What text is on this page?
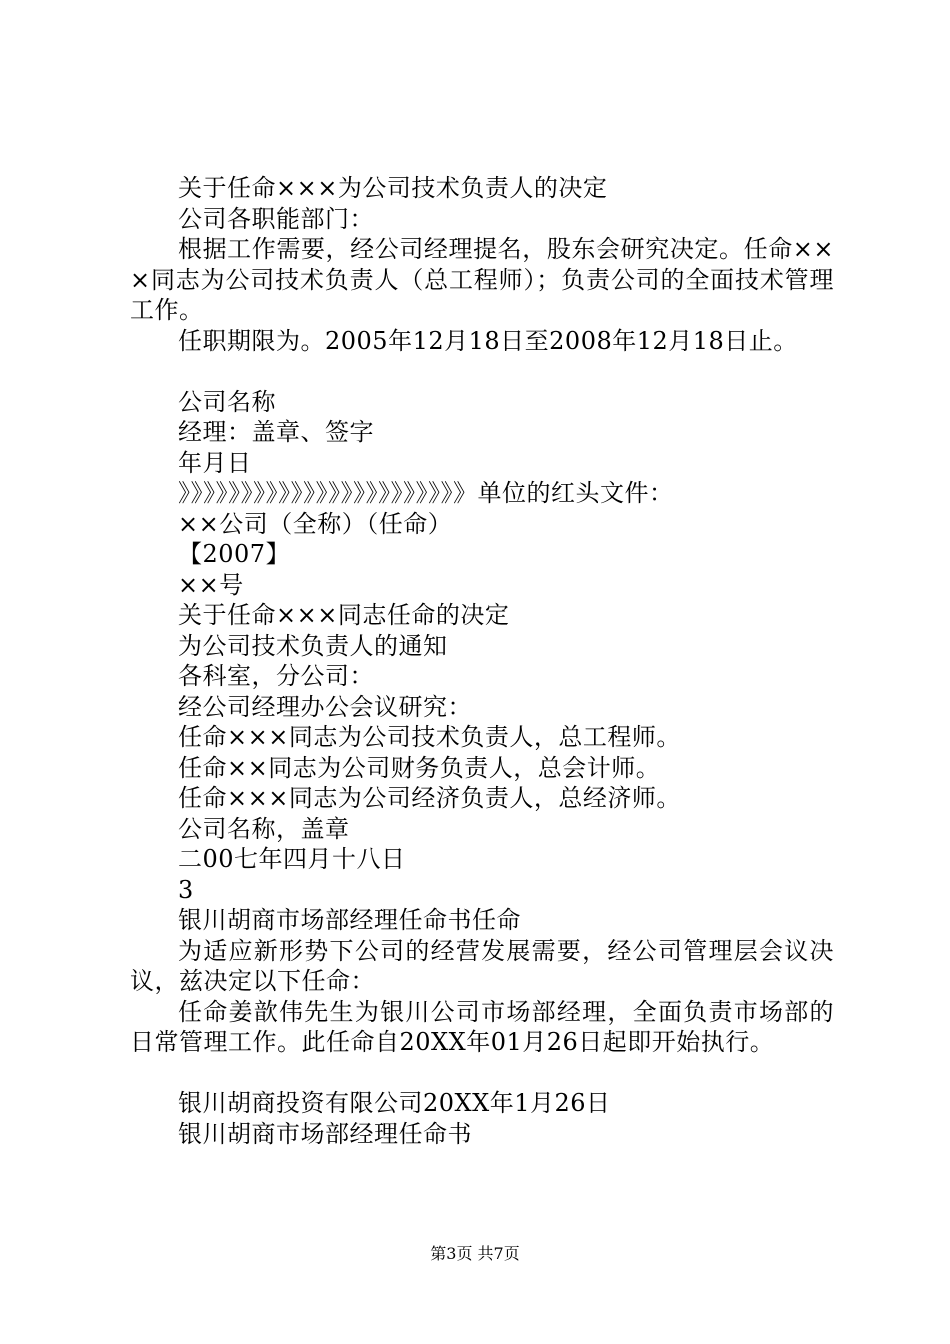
关于任命×××为公司技术负责人的决定

公司各职能部门：

根据工作需要，经公司经理提名，股东会研究决定。任命×××同志为公司技术负责人（总工程师）；负责公司的全面技术管理工作。

任职期限为。2005年12月18日至2008年12月18日止。

公司名称

经理：盖章、签字

年月日

》》》》》》》》》》》》》》》》》》》》》》》单位的红头文件：

××公司（全称）（任命）

【2007】

××号

关于任命×××同志任命的决定

为公司技术负责人的通知

各科室，分公司：

经公司经理办公会议研究：

任命×××同志为公司技术负责人，总工程师。

任命××同志为公司财务负责人，总会计师。

任命×××同志为公司经济负责人，总经济师。

公司名称，盖章

二00七年四月十八日

3

银川胡商市场部经理任命书任命

为适应新形势下公司的经营发展需要，经公司管理层会议决议，兹决定以下任命：

任命姜歆伟先生为银川公司市场部经理，全面负责市场部的日常管理工作。此任命自20XX年01月26日起即开始执行。

银川胡商投资有限公司20XX年1月26日

银川胡商市场部经理任命书

第3页 共7页
